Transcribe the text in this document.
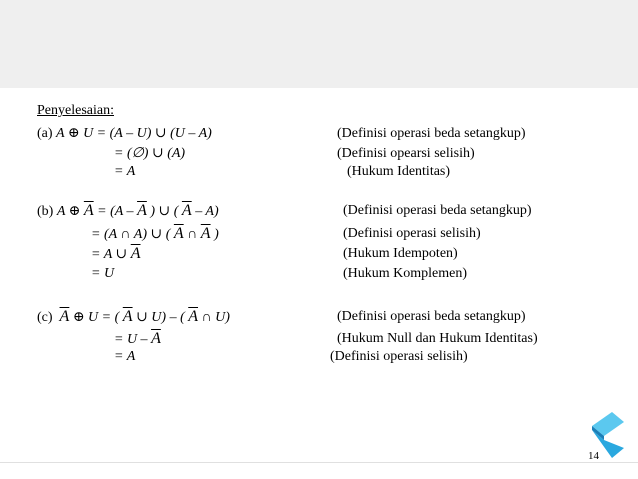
Penyelesaian:
(a) A ⊕ U = (A – U) ∪ (U – A)	(Definisi operasi beda setangkup)
= (∅) ∪ (A)	(Definisi opearsi selisih)
= A	(Hukum Identitas)
(b) A ⊕ $\overline{A} = (A - \overline{A}$ ) ∪ ( $\overline{A} - A$)	(Definisi operasi beda setangkup)
= (A ∩ A) ∪ ( $\overline{A}$ ∩ $\overline{A}$ )	(Definisi operasi selisih)
= A ∪ $\overline{A}$	(Hukum Idempoten)
= U	(Hukum Komplemen)
(c) $\overline{A}$ ⊕ U = ( $\overline{A}$ ∪ U) – ( $\overline{A}$ ∩ U)	(Definisi operasi beda setangkup)
= U – $\overline{A}$	(Hukum Null dan Hukum Identitas)
= A	(Definisi operasi selisih)
14
